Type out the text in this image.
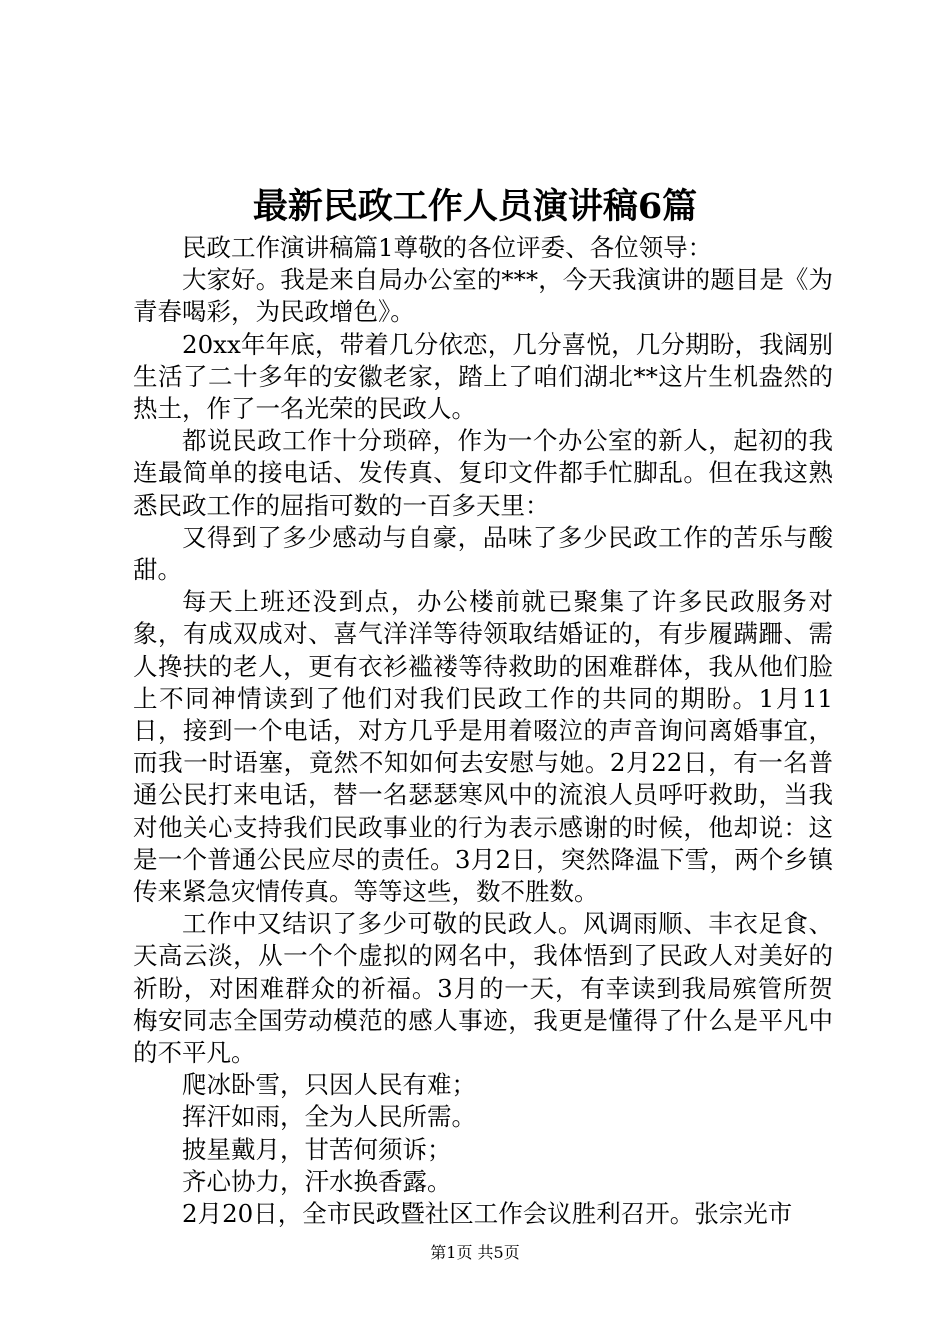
最新民政工作人员演讲稿6篇

民政工作演讲稿篇1尊敬的各位评委、各位领导：

大家好。我是来自局办公室的***，今天我演讲的题目是《为青春喝彩，为民政增色》。

20xx年年底，带着几分依恋，几分喜悦，几分期盼，我阔别生活了二十多年的安徽老家，踏上了咱们湖北**这片生机盎然的热土，作了一名光荣的民政人。

都说民政工作十分琐碎，作为一个办公室的新人，起初的我连最简单的接电话、发传真、复印文件都手忙脚乱。但在我这熟悉民政工作的屈指可数的一百多天里：

又得到了多少感动与自豪，品味了多少民政工作的苦乐与酸甜。

每天上班还没到点，办公楼前就已聚集了许多民政服务对象，有成双成对、喜气洋洋等待领取结婚证的，有步履蹒跚、需人搀扶的老人，更有衣衫褴褛等待救助的困难群体，我从他们脸上不同神情读到了他们对我们民政工作的共同的期盼。1月11日，接到一个电话，对方几乎是用着啜泣的声音询问离婚事宜，而我一时语塞，竟然不知如何去安慰与她。2月22日，有一名普通公民打来电话，替一名瑟瑟寒风中的流浪人员呼吁救助，当我对他关心支持我们民政事业的行为表示感谢的时候，他却说：这是一个普通公民应尽的责任。3月2日，突然降温下雪，两个乡镇传来紧急灾情传真。等等这些，数不胜数。

工作中又结识了多少可敬的民政人。风调雨顺、丰衣足食、天高云淡，从一个个虚拟的网名中，我体悟到了民政人对美好的祈盼，对困难群众的祈福。3月的一天，有幸读到我局殡管所贺梅安同志全国劳动模范的感人事迹，我更是懂得了什么是平凡中的不平凡。

爬冰卧雪，只因人民有难；

挥汗如雨，全为人民所需。

披星戴月，甘苦何须诉；

齐心协力，汗水换香露。

2月20日，全市民政暨社区工作会议胜利召开。张宗光市

第1页 共5页
